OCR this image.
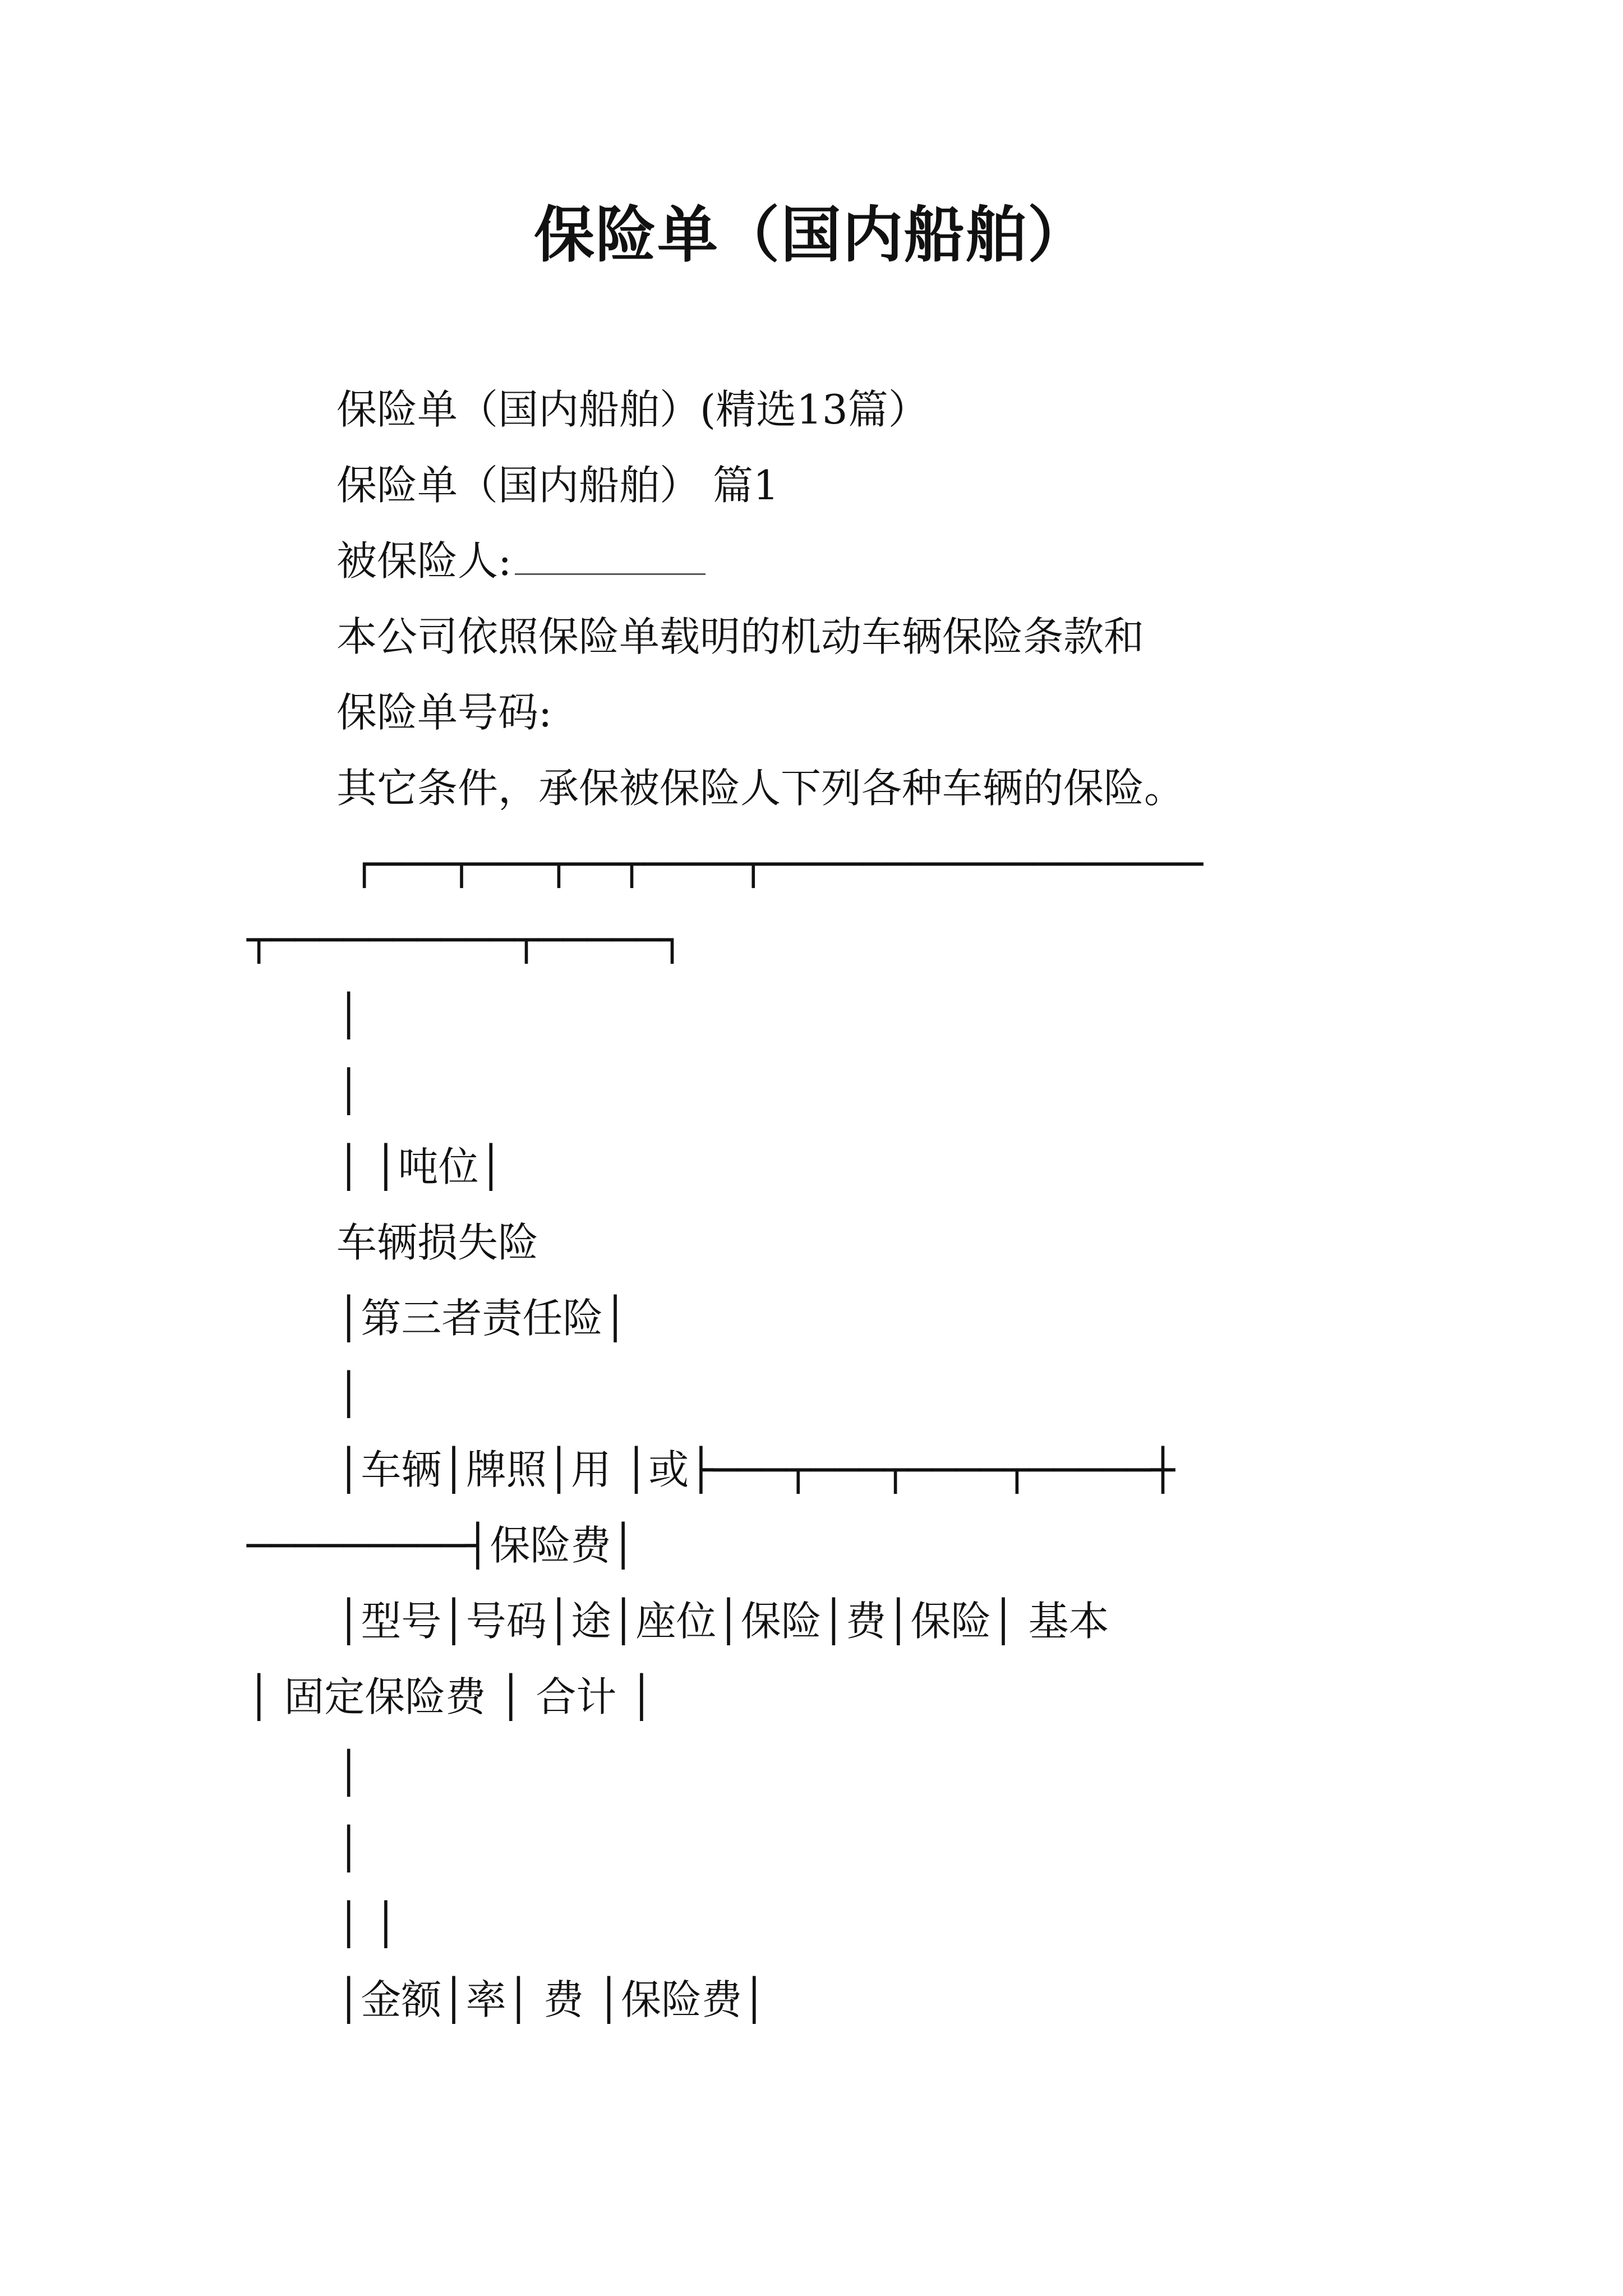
保险单（国内船舶）

保险单（国内船舶）(精选13篇）

保险单（国内船舶） 篇1

被保险人:

本公司依照保险单载明的机动车辆保险条款和

保险单号码:

其它条件，承保被保险人下列各种车辆的保险。

┌───┬───┬──┬────┬──────────────────

┬──────────┬─────┐

│

│

│ │吨位│

车辆损失险

│第三者责任险│

│

│车辆│牌照│用 │或├───┬───┬────┬─────┼

─────────┤保险费│

│型号│号码│途│座位│保险│费│保险│ 基本

│ 固定保险费 │ 合计 │

│

│

│ │

│金额│率│ 费 │保险费│
